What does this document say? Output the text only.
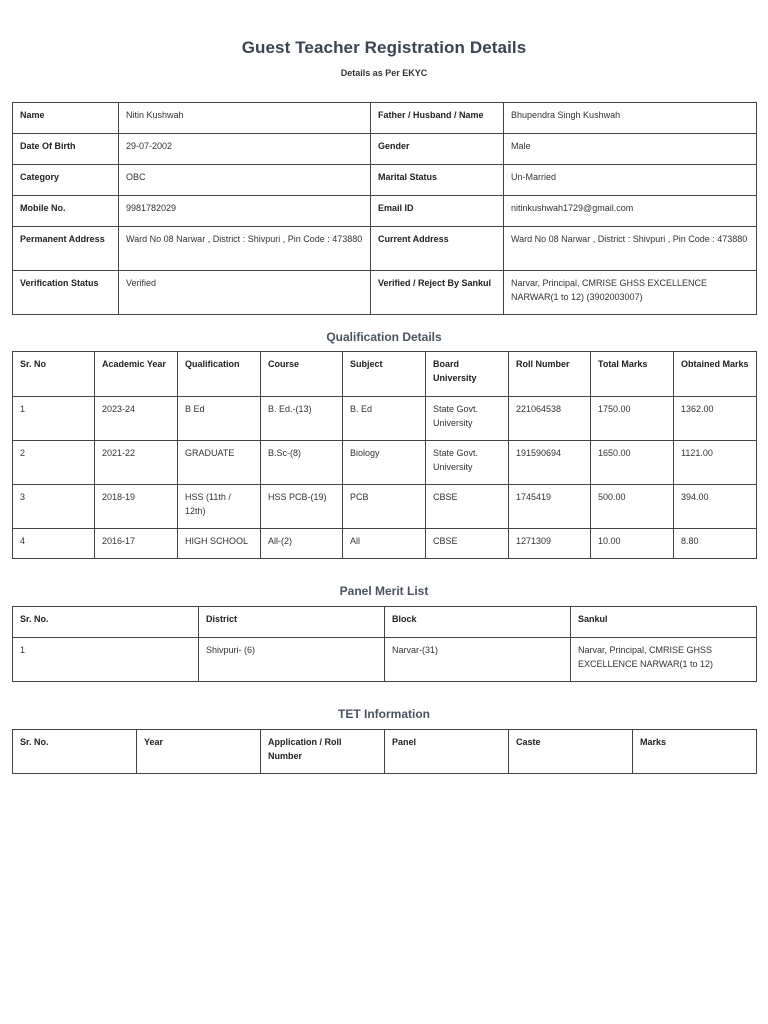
Guest Teacher Registration Details
Details as Per EKYC
Name	Nitin Kushwah	Father / Husband / Name	Bhupendra Singh Kushwah
Date Of Birth	29-07-2002	Gender	Male
Category	OBC	Marital Status	Un-Married
Mobile No.	9981782029	Email ID	nitinkushwah1729@gmail.com
Permanent Address	Ward No 08 Narwar , District : Shivpuri , Pin Code : 473880	Current Address	Ward No 08 Narwar , District : Shivpuri , Pin Code : 473880
Verification Status	Verified	Verified / Reject By Sankul	Narvar, Principal, CMRISE GHSS EXCELLENCE NARWAR(1 to 12) (3902003007)
Qualification Details
Sr. No	Academic Year	Qualification	Course	Subject	Board University	Roll Number	Total Marks	Obtained Marks
1	2023-24	B Ed	B. Ed.-(13)	B. Ed	State Govt. University	221064538	1750.00	1362.00
2	2021-22	GRADUATE	B.Sc-(8)	Biology	State Govt. University	191590694	1650.00	1121.00
3	2018-19	HSS (11th / 12th)	HSS PCB-(19)	PCB	CBSE	1745419	500.00	394.00
4	2016-17	HIGH SCHOOL	All-(2)	All	CBSE	1271309	10.00	8.80
Panel Merit List
Sr. No.	District	Block	Sankul
1	Shivpuri- (6)	Narvar-(31)	Narvar, Principal, CMRISE GHSS EXCELLENCE NARWAR(1 to 12)
TET Information
Sr. No.	Year	Application / Roll Number	Panel	Caste	Marks
